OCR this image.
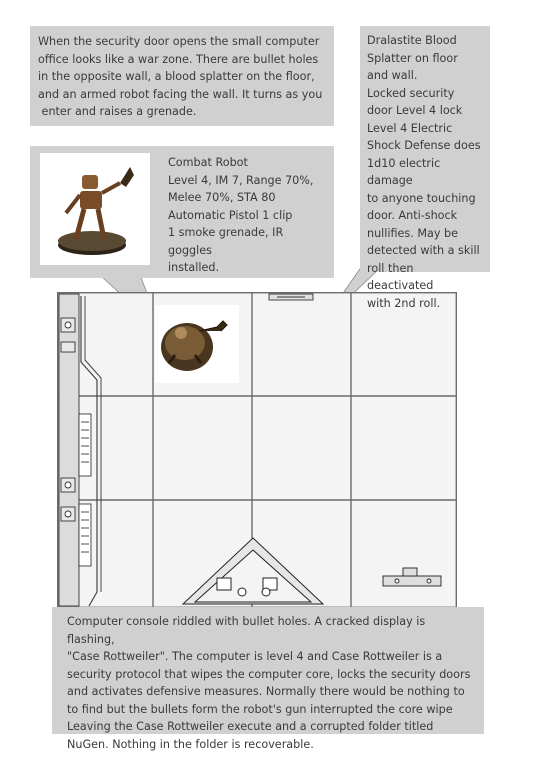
When the security door opens the small computer

office looks like a war zone. There are bullet holes

in the opposite wall, a blood splatter on the floor,

and an armed robot facing the wall. It turns as you

enter and raises a grenade.

Dralastite Blood

Splatter on floor

and wall.

Locked security

door Level 4 lock

Level 4 Electric

Shock Defense does

1d10 electric damage

to anyone touching

door. Anti-shock

nullifies. May be

detected with a skill

roll then deactivated

with 2nd roll.

Combat Robot

Level 4, IM 7, Range 70%,

Melee 70%, STA 80

Automatic Pistol 1 clip

1 smoke grenade, IR goggles

installed.

Computer console riddled with bullet holes. A cracked display is flashing,

"Case Rottweiler". The computer is level 4 and Case Rottweiler is a

security protocol that wipes the computer core, locks the security doors

and activates defensive measures. Normally there would be nothing to

to find but the bullets form the robot's gun interrupted the core wipe

Leaving the Case Rottweiler execute and a corrupted folder titled

NuGen. Nothing in the folder is recoverable.
